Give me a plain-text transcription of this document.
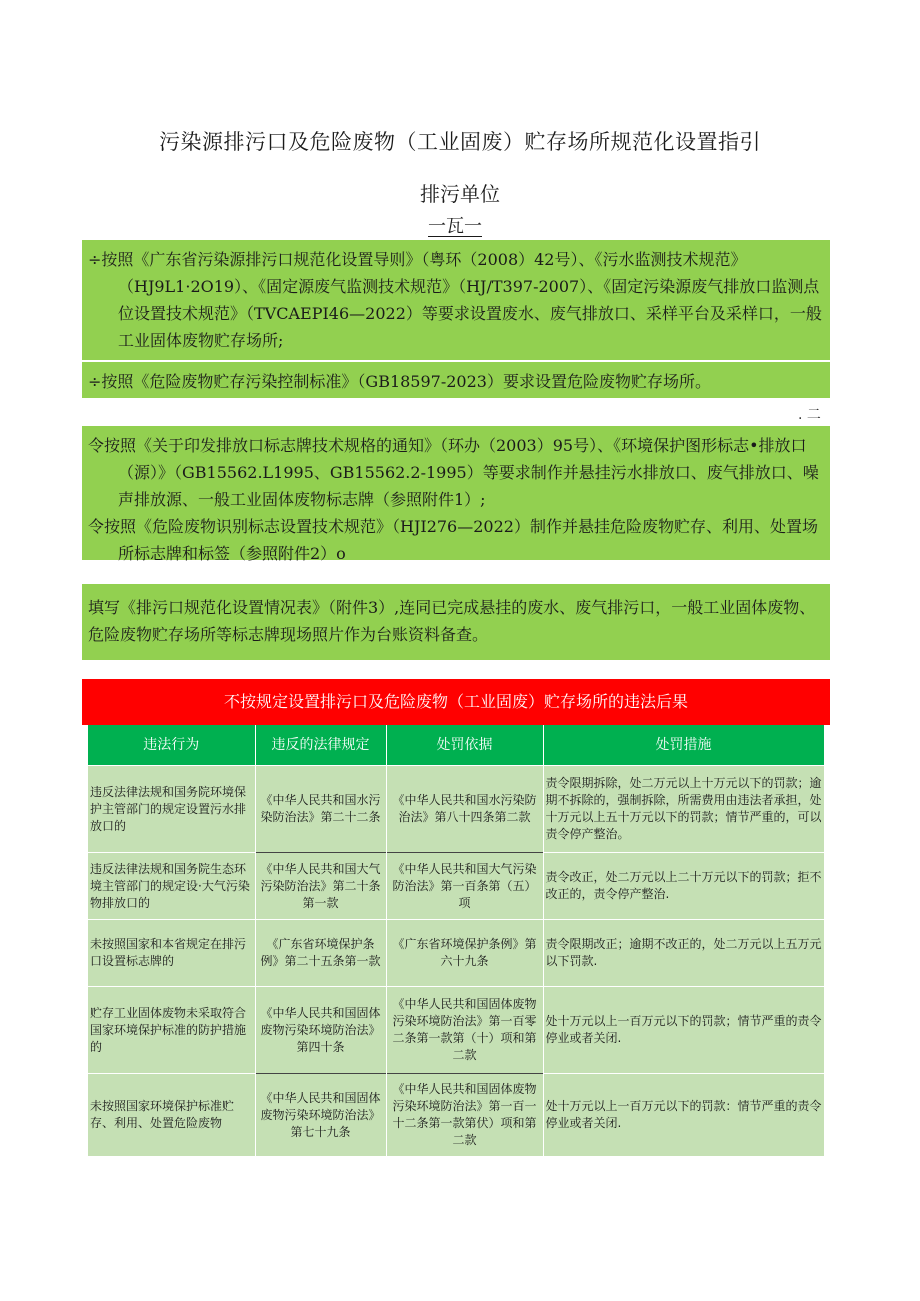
污染源排污口及危险废物（工业固废）贮存场所规范化设置指引
排污单位
一瓦一
÷按照《广东省污染源排污口规范化设置导则》（粤环（2008）42号）、《污水监测技术规范》（HJ9L1·2O19）、《固定源废气监测技术规范》（HJ/T397-2007）、《固定污染源废气排放口监测点位设置技术规范》（TVCAEPI46—2022）等要求设置废水、废气排放口、采样平台及采样口，一般工业固体废物贮存场所;
÷按照《危险废物贮存污染控制标准》（GB18597-2023）要求设置危险废物贮存场所。
. 二
令按照《关于印发排放口标志牌技术规格的通知》（环办（2003）95号）、《环境保护图形标志•排放口（源）》（GB15562.L1995、GB15562.2-1995）等要求制作并悬挂污水排放口、废气排放口、噪声排放源、一般工业固体废物标志牌（参照附件1）;
令按照《危险废物识别标志设置技术规范》（HJI276—2022）制作并悬挂危险废物贮存、利用、处置场所标志牌和标签（参照附件2）o
填写《排污口规范化设置情况表》（附件3）,连同已完成悬挂的废水、废气排污口，一般工业固体废物、危险废物贮存场所等标志牌现场照片作为台账资料备查。
不按规定设置排污口及危险废物（工业固废）贮存场所的违法后果
违法行为	违反的法律规定	处罚依据	处罚措施
违反法律法规和国务院环境保护主管部门的规定设置污水排放口的	《中华人民共和国水污染防治法》第二十二条	《中华人民共和国水污染防治法》第八十四条第二款	责令限期拆除，处二万元以上十万元以下的罚款；逾期不拆除的，强制拆除，所需费用由违法者承担，处十万元以上五十万元以下的罚款；情节严重的，可以责令停产整治。
违反法律法规和国务院生态环境主管部门的规定设·大气污染物排放口的	《中华人民共和国大气污染防治法》第二十条第一款	《中华人民共和国大气污染防治法》第一百条第（五）项	责令改正，处二万元以上二十万元以下的罚款；拒不改正的，责令停产整治.
未按照国家和本省规定在排污口设置标志牌的	《广东省环境保护条例》第二十五条第一款	《广东省环境保护条例》第六十九条	责令限期改正；逾期不改正的，处二万元以上五万元以下罚款.
贮存工业固体废物未采取符合国家环境保护标准的防护措施的	《中华人民共和国固体废物污染环境防治法》第四十条	《中华人民共和国固体废物污染环境防治法》第一百零二条第一款第（十）项和第二款	处十万元以上一百万元以下的罚款；情节严重的责令停业或者关闭.
未按照国家环境保护标准贮存、利用、处置危险废物	《中华人民共和国固体废物污染环境防治法》第七十九条	《中华人民共和国固体废物污染环境防治法》第一百一十二条第一款第伏）项和第二款	处十万元以上一百万元以下的罚款：情节严重的责令停业或者关闭.
